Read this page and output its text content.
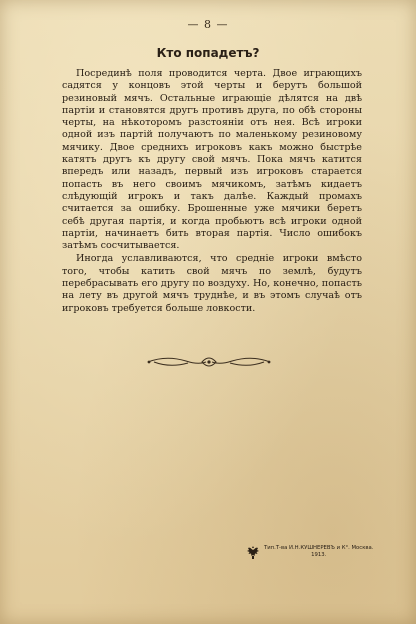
— 8 —
Кто попадетъ?

Посрединѣ поля проводится черта. Двое играющихъ садятся у концовъ этой черты и берутъ большой резиновый мячъ. Остальные играющіе дѣлятся на двѣ партіи и становятся другъ противъ друга, по обѣ стороны черты, на нѣкоторомъ разстояніи отъ нея. Всѣ игроки одной изъ партій получаютъ по маленькому резиновому мячику. Двое среднихъ игроковъ какъ можно быстрѣе катятъ другъ къ другу свой мячъ. Пока мячъ катится впередъ или назадъ, первый изъ игроковъ старается попасть въ него своимъ мячикомъ, затѣмъ кидаетъ слѣдующій игрокъ и такъ далѣе. Каждый промахъ считается за ошибку. Брошенные уже мячики беретъ себѣ другая партія, и когда пробьютъ всѣ игроки одной партіи, начинаетъ бить вторая партія. Число ошибокъ затѣмъ сосчитывается.

Иногда уславливаются, что средніе игроки вмѣсто того, чтобы катить свой мячъ по землѣ, будутъ перебрасывать его другу по воздуху. Но, конечно, попасть на лету въ другой мячъ труднѣе, и въ этомъ случаѣ отъ игроковъ требуется больше ловкости.

Тип.Т-ва И.Н.КУШНЕРЕВЪ и К°. Москва.
1913.
